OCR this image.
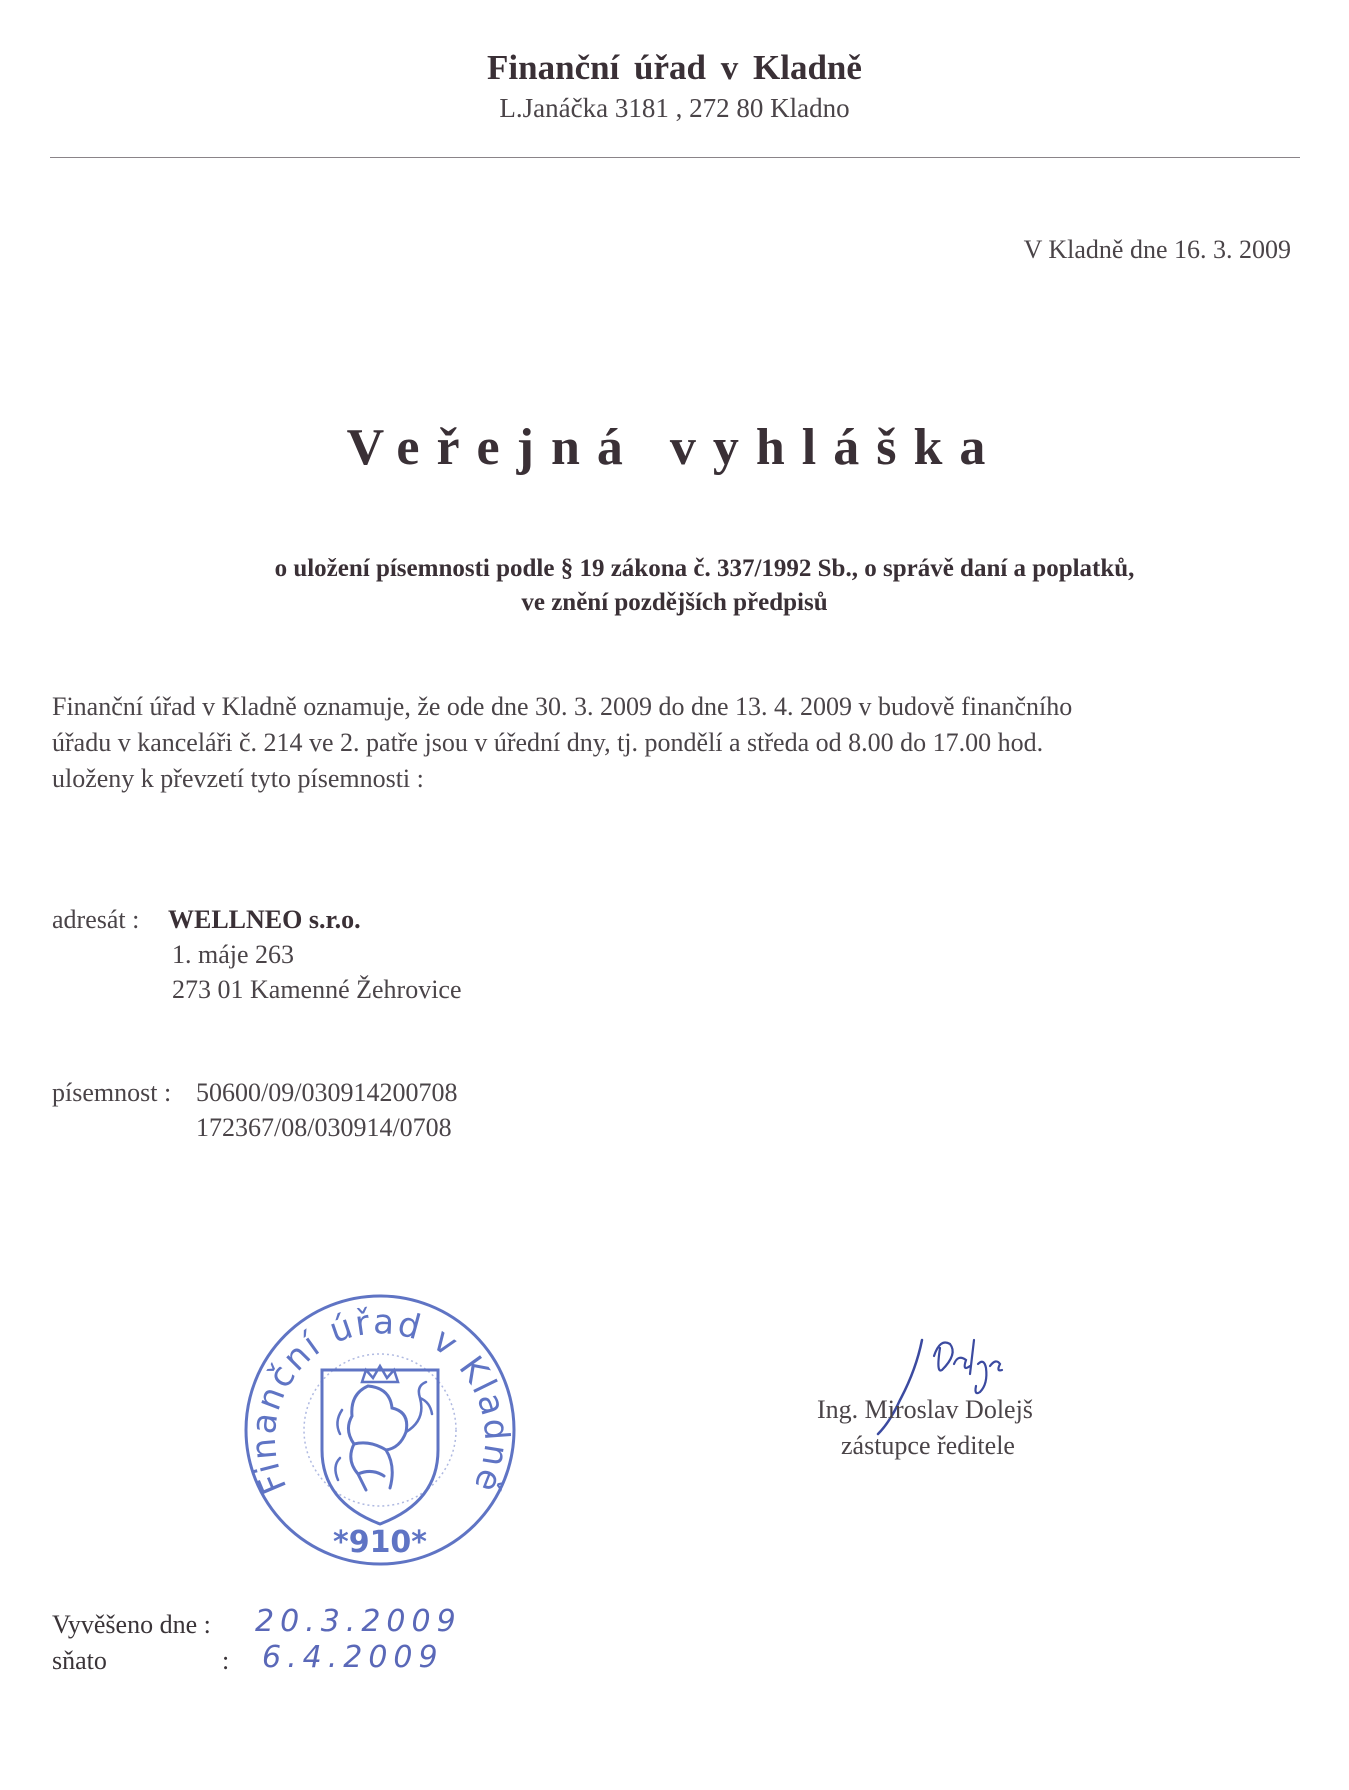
Finanční úřad v Kladně
L.Janáčka 3181 , 272 80 Kladno
V Kladně dne 16. 3. 2009
Veřejná vyhláška
o uložení písemnosti podle § 19 zákona č. 337/1992 Sb., o správě daní a poplatků,
ve znění pozdějších předpisů
Finanční úřad v Kladně oznamuje, že ode dne 30. 3. 2009 do dne 13. 4. 2009 v budově finančního
úřadu v kanceláři č. 214 ve 2. patře jsou v úřední dny, tj. pondělí a středa od 8.00 do 17.00 hod.
uloženy k převzetí tyto písemnosti :
adresát : WELLNEO s.r.o.
1. máje 263
273 01 Kamenné Žehrovice
písemnost : 50600/09/030914200708
172367/08/030914/0708
Finanční úřad v Kladně
*910*
Ing. Miroslav Dolejš
zástupce ředitele
Vyvěšeno dne : 20.3.2009
sňato	: 6.4.2009
